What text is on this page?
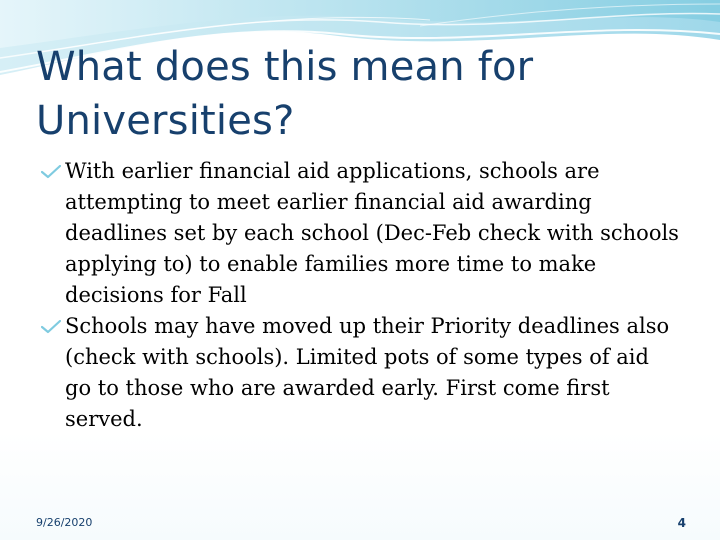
What does this mean for Universities?
With earlier financial aid applications, schools are attempting to meet earlier financial aid awarding deadlines set by each school (Dec-Feb check with schools applying to) to enable families more time to make decisions for Fall
Schools may have moved up their Priority deadlines also (check with schools). Limited pots of some types of aid go to those who are awarded early. First come first served.
9/26/2020	4
